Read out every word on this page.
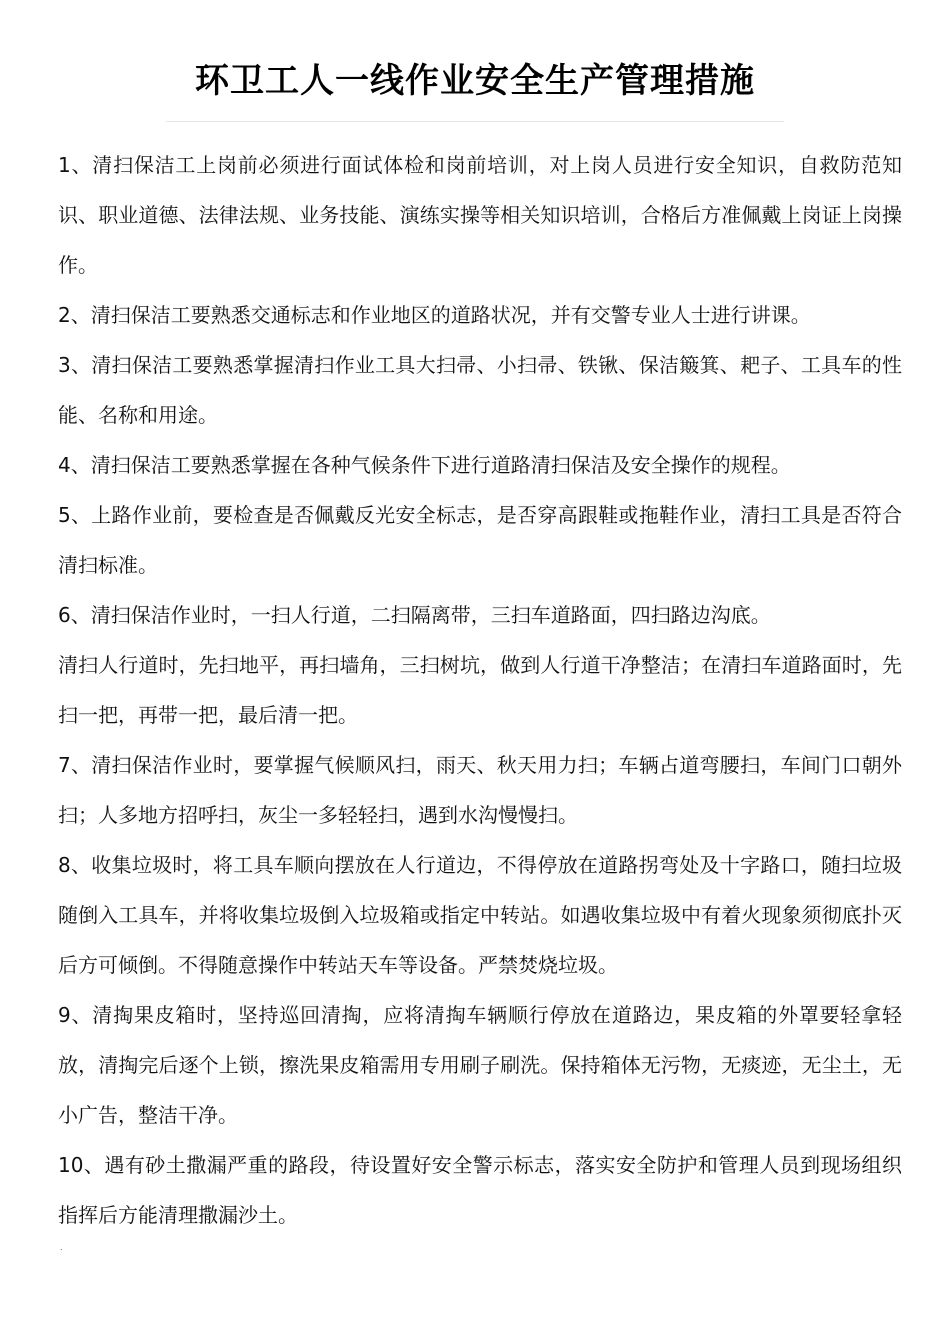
环卫工人一线作业安全生产管理措施

1、清扫保洁工上岗前必须进行面试体检和岗前培训，对上岗人员进行安全知识，自救防范知识、职业道德、法律法规、业务技能、演练实操等相关知识培训，合格后方准佩戴上岗证上岗操作。

2、清扫保洁工要熟悉交通标志和作业地区的道路状况，并有交警专业人士进行讲课。

3、清扫保洁工要熟悉掌握清扫作业工具大扫帚、小扫帚、铁锹、保洁簸箕、耙子、工具车的性能、名称和用途。

4、清扫保洁工要熟悉掌握在各种气候条件下进行道路清扫保洁及安全操作的规程。

5、上路作业前，要检查是否佩戴反光安全标志，是否穿高跟鞋或拖鞋作业，清扫工具是否符合清扫标准。

6、清扫保洁作业时，一扫人行道，二扫隔离带，三扫车道路面，四扫路边沟底。

清扫人行道时，先扫地平，再扫墙角，三扫树坑，做到人行道干净整洁；在清扫车道路面时，先扫一把，再带一把，最后清一把。

7、清扫保洁作业时，要掌握气候顺风扫，雨天、秋天用力扫；车辆占道弯腰扫，车间门口朝外扫；人多地方招呼扫，灰尘一多轻轻扫，遇到水沟慢慢扫。

8、收集垃圾时，将工具车顺向摆放在人行道边，不得停放在道路拐弯处及十字路口，随扫垃圾随倒入工具车，并将收集垃圾倒入垃圾箱或指定中转站。如遇收集垃圾中有着火现象须彻底扑灭后方可倾倒。不得随意操作中转站天车等设备。严禁焚烧垃圾。

9、清掏果皮箱时，坚持巡回清掏，应将清掏车辆顺行停放在道路边，果皮箱的外罩要轻拿轻放，清掏完后逐个上锁，擦洗果皮箱需用专用刷子刷洗。保持箱体无污物，无痰迹，无尘土，无小广告，整洁干净。

10、遇有砂土撒漏严重的路段，待设置好安全警示标志，落实安全防护和管理人员到现场组织指挥后方能清理撒漏沙土。

.
